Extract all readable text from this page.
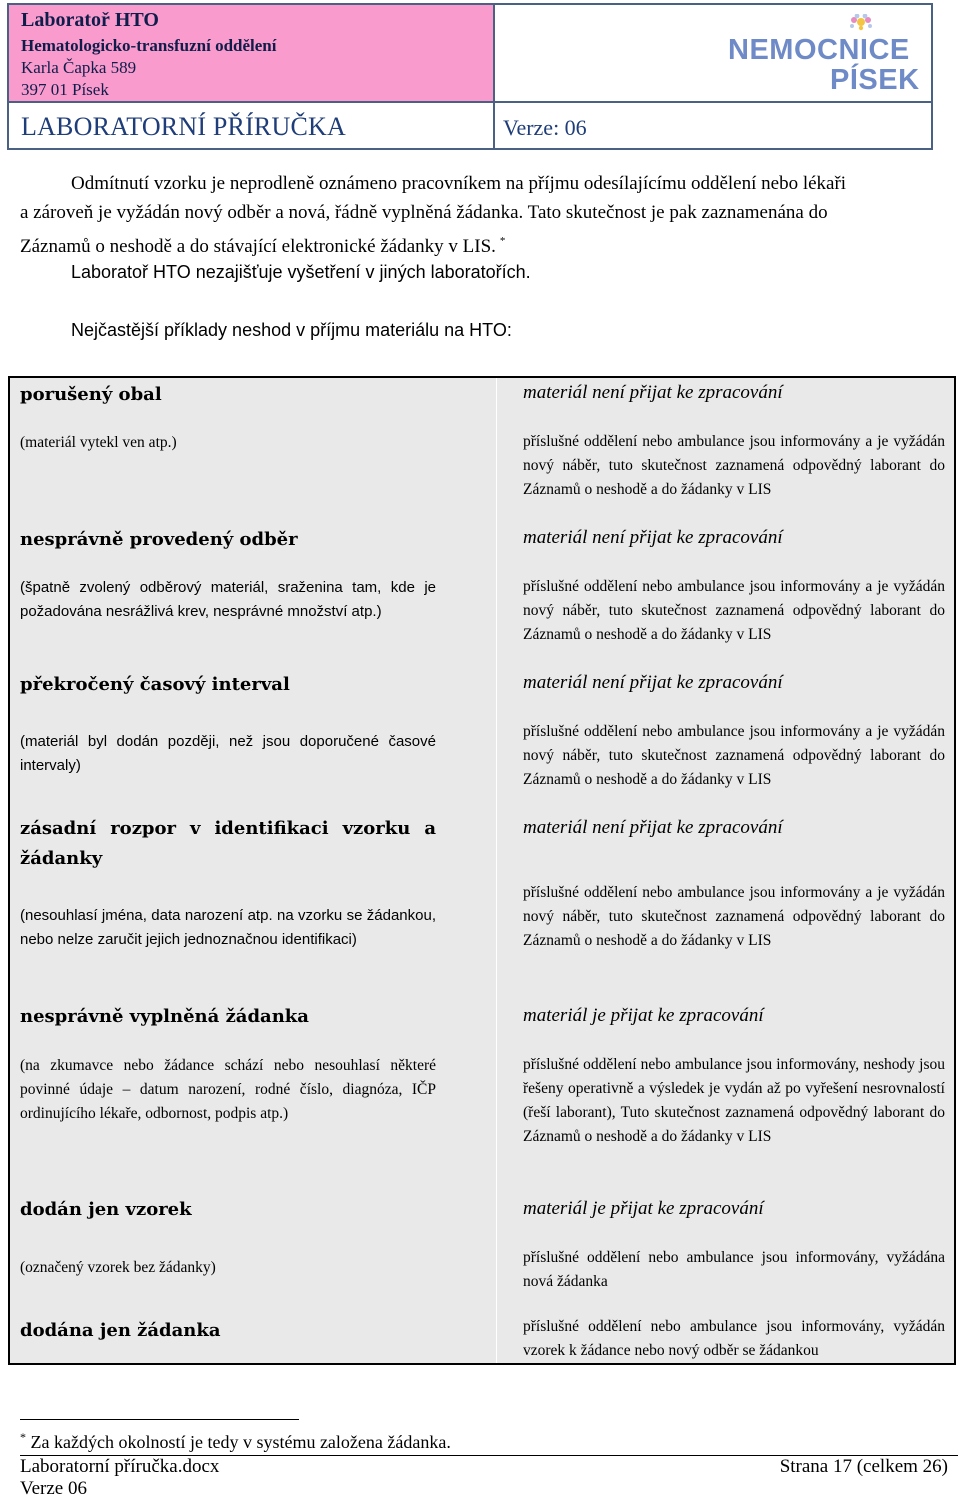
Laboratoř HTO
Hematologicko-transfuzní oddělení
Karla Čapka 589
397 01 Písek
LABORATORNÍ PŘÍRUČKA	Verze: 06
NEMOCNICE
PÍSEK
Odmítnutí vzorku je neprodleně oznámeno pracovníkem na příjmu odesílajícímu oddělení nebo lékaři
a zároveň je vyžádán nový odběr a nová, řádně vyplněná žádanka. Tato skutečnost je pak zaznamenána do
Záznamů o neshodě a do stávající elektronické žádanky v LIS. *
Laboratoř HTO nezajišťuje vyšetření v jiných laboratořích.
Nejčastější příklady neshod v příjmu materiálu na HTO:
porušený obal
(materiál vytekl ven atp.)
materiál není přijat ke zpracování
příslušné oddělení nebo ambulance jsou informovány a je vyžádán nový náběr, tuto skutečnost zaznamená odpovědný laborant do Záznamů o neshodě a do žádanky v LIS
nesprávně provedený odběr
(špatně zvolený odběrový materiál, sraženina tam, kde je požadována nesrážlivá krev, nesprávné množství atp.)
materiál není přijat ke zpracování
příslušné oddělení nebo ambulance jsou informovány a je vyžádán nový náběr, tuto skutečnost zaznamená odpovědný laborant do Záznamů o neshodě a do žádanky v LIS
překročený časový interval
(materiál byl dodán později, než jsou doporučené časové intervaly)
materiál není přijat ke zpracování
příslušné oddělení nebo ambulance jsou informovány a je vyžádán nový náběr, tuto skutečnost zaznamená odpovědný laborant do Záznamů o neshodě a do žádanky v LIS
zásadní rozpor v identifikaci vzorku a žádanky
(nesouhlasí jména, data narození atp. na vzorku se žádankou, nebo nelze zaručit jejich jednoznačnou identifikaci)
materiál není přijat ke zpracování
příslušné oddělení nebo ambulance jsou informovány a je vyžádán nový náběr, tuto skutečnost zaznamená odpovědný laborant do Záznamů o neshodě a do žádanky v LIS
nesprávně vyplněná žádanka
(na zkumavce nebo žádance schází nebo nesouhlasí některé povinné údaje – datum narození, rodné číslo, diagnóza, IČP ordinujícího lékaře, odbornost, podpis atp.)
materiál je přijat ke zpracování
příslušné oddělení nebo ambulance jsou informovány, neshody jsou řešeny operativně a výsledek je vydán až po vyřešení nesrovnalostí (řeší laborant), Tuto skutečnost zaznamená odpovědný laborant do Záznamů o neshodě a do žádanky v LIS
dodán jen vzorek
(označený vzorek bez žádanky)
materiál je přijat ke zpracování
příslušné oddělení nebo ambulance jsou informovány, vyžádána nová žádanka
dodána jen žádanka	příslušné oddělení nebo ambulance jsou informovány, vyžádán vzorek k žádance nebo nový odběr se žádankou
* Za každých okolností je tedy v systému založena žádanka.
Laboratorní příručka.docx
Verze 06
Strana 17 (celkem 26)
